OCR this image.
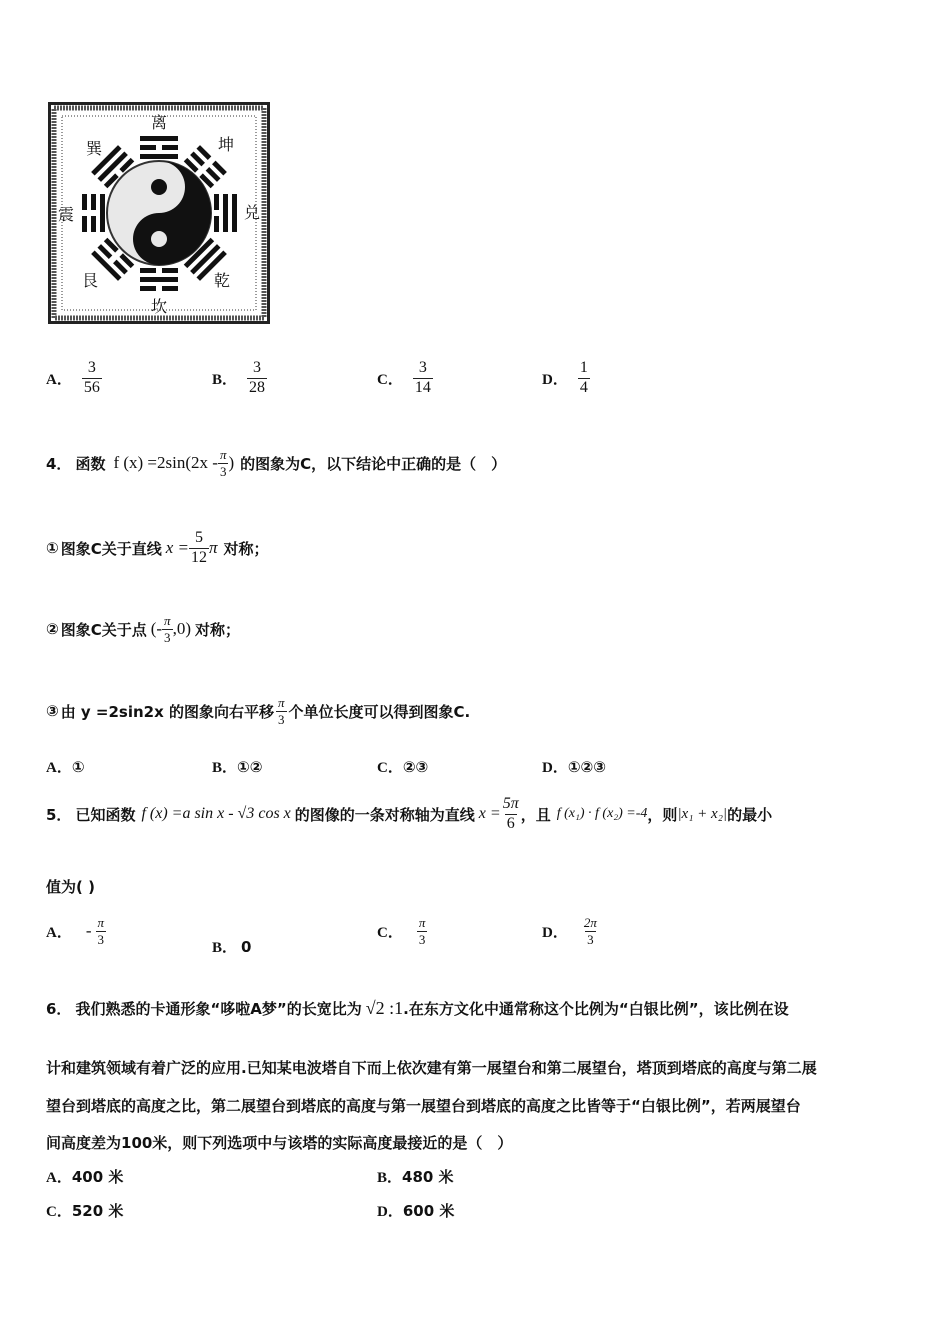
离
巽	坤
震	兑
艮
坎
乾
A． $\frac{3}{56}$	B． $\frac{3}{28}$	C． $\frac{3}{14}$	D． $\frac{1}{4}$
4． 函数 f $(x) =2\sin(2x - \frac{\pi}{3}$ ) 的图象为C，以下结论中正确的是（　）
① 图象C关于直线 $x = \frac{5}{12}$ π 对称；
② 图象C关于点 (- $\frac{\pi}{3} ,0$) 对称；
③ 由 y =2sin2x 的图象向右平移 $\frac{\pi}{3}$ 个单位长度可以得到图象C.
A． ①	B． ①②	C． ②③	D． ①②③
5． 已知函数 f (x) =a sin x - √3 cos x 的图像的一条对称轴为直线 $x = \frac{5\pi}{6}$ ，且 f (x₁) · f (x₂) =-4 ，则 |x₁ + x₂| 的最小
值为( )
A． - $\frac{\pi}{3}$
B． 0
C． $\frac{\pi}{3}$	D． $\frac{2\pi}{3}$
6． 我们熟悉的卡通形象“哆啦A梦”的长宽比为 √2 :1 .在东方文化中通常称这个比例为“白银比例”，该比例在设
计和建筑领域有着广泛的应用.已知某电波塔自下而上依次建有第一展望台和第二展望台，塔顶到塔底的高度与第二展
望台到塔底的高度之比，第二展望台到塔底的高度与第一展望台到塔底的高度之比皆等于“白银比例”，若两展望台
间高度差为100米，则下列选项中与该塔的实际高度最接近的是（　）
A． 400 米	B． 480 米
C． 520 米	D． 600 米
